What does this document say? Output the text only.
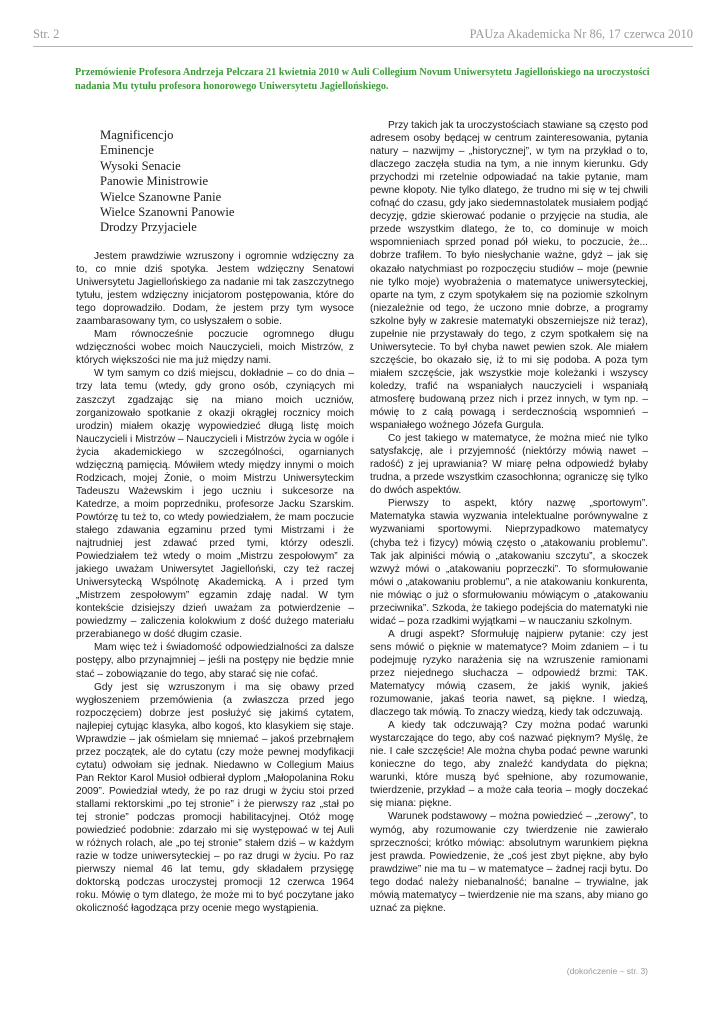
Str. 2	PAUza Akademicka Nr 86, 17 czerwca 2010
Przemówienie Profesora Andrzeja Pelczara 21 kwietnia 2010 w Auli Collegium Novum Uniwersytetu Jagiellońskiego na uroczystości nadania Mu tytułu profesora honorowego Uniwersytetu Jagiellońskiego.
Magnificencjo
Eminencje
Wysoki Senacie
Panowie Ministrowie
Wielce Szanowne Panie
Wielce Szanowni Panowie
Drodzy Przyjaciele

Jestem prawdziwie wzruszony i ogromnie wdzięczny za to, co mnie dziś spotyka. Jestem wdzięczny Senatowi Uniwersytetu Jagiellońskiego za nadanie mi tak zaszczytnego tytułu, jestem wdzięczny inicjatorom postępowania, które do tego doprowadziło. Dodam, że jestem przy tym wysoce zaambarasowany tym, co usłyszałem o sobie.

Mam równocześnie poczucie ogromnego długu wdzięczności wobec moich Nauczycieli, moich Mistrzów, z których większości nie ma już między nami.

W tym samym co dziś miejscu, dokładnie – co do dnia – trzy lata temu (wtedy, gdy grono osób, czyniących mi zaszczyt zgadzając się na miano moich uczniów, zorganizowało spotkanie z okazji okrągłej rocznicy moich urodzin) miałem okazję wypowiedzieć długą listę moich Nauczycieli i Mistrzów – Nauczycieli i Mistrzów życia w ogóle i życia akademickiego w szczególności, ogarnianych wdzięczną pamięcią. Mówiłem wtedy między innymi o moich Rodzicach, mojej Żonie, o moim Mistrzu Uniwersyteckim Tadeuszu Ważewskim i jego uczniu i sukcesorze na Katedrze, a moim poprzedniku, profesorze Jacku Szarskim. Powtórzę tu też to, co wtedy powiedziałem, że mam poczucie stałego zdawania egzaminu przed tymi Mistrzami i że najtrudniej jest zdawać przed tymi, którzy odeszli. Powiedziałem też wtedy o moim „Mistrzu zespołowym” za jakiego uważam Uniwersytet Jagielloński, czy też raczej Uniwersytecką Wspólnotę Akademicką. A i przed tym „Mistrzem zespołowym” egzamin zdaję nadal. W tym kontekście dzisiejszy dzień uważam za potwierdzenie – powiedzmy – zaliczenia kolokwium z dość dużego materiału przerabianego w dość długim czasie.

Mam więc też i świadomość odpowiedzialności za dalsze postępy, albo przynajmniej – jeśli na postępy nie będzie mnie stać – zobowiązanie do tego, aby starać się nie cofać.

Gdy jest się wzruszonym i ma się obawy przed wygłoszeniem przemówienia (a zwłaszcza przed jego rozpoczęciem) dobrze jest posłużyć się jakimś cytatem, najlepiej cytując klasyka, albo kogoś, kto klasykiem się staje. Wprawdzie – jak ośmielam się mniemać – jakoś przebrnąłem przez początek, ale do cytatu (czy może pewnej modyfikacji cytatu) odwołam się jednak. Niedawno w Collegium Maius Pan Rektor Karol Musioł odbierał dyplom „Małopolanina Roku 2009”. Powiedział wtedy, że po raz drugi w życiu stoi przed stallami rektorskimi „po tej stronie” i że pierwszy raz „stał po tej stronie” podczas promocji habilitacyjnej. Otóż mogę powiedzieć podobnie: zdarzało mi się występować w tej Auli w różnych rolach, ale „po tej stronie” stałem dziś – w każdym razie w todze uniwersyteckiej – po raz drugi w życiu. Po raz pierwszy niemal 46 lat temu, gdy składałem przysięgę doktorską podczas uroczystej promocji 12 czerwca 1964 roku. Mówię o tym dlatego, że może mi to być poczytane jako okoliczność łagodząca przy ocenie mego wystąpienia.

Przy takich jak ta uroczystościach stawiane są często pod adresem osoby będącej w centrum zainteresowania, pytania natury – nazwijmy – „historycznej”, w tym na przykład o to, dlaczego zaczęła studia na tym, a nie innym kierunku. Gdy przychodzi mi rzetelnie odpowiadać na takie pytanie, mam pewne kłopoty. Nie tylko dlatego, że trudno mi się w tej chwili cofnąć do czasu, gdy jako siedemnastolatek musiałem podjąć decyzję, gdzie skierować podanie o przyjęcie na studia, ale przede wszystkim dlatego, że to, co dominuje w moich wspomnieniach sprzed ponad pół wieku, to poczucie, że... dobrze trafiłem. To było niesłychanie ważne, gdyż – jak się okazało natychmiast po rozpoczęciu studiów – moje (pewnie nie tylko moje) wyobrażenia o matematyce uniwersyteckiej, oparte na tym, z czym spotykałem się na poziomie szkolnym (niezależnie od tego, że uczono mnie dobrze, a programy szkolne były w zakresie matematyki obszerniejsze niż teraz), zupełnie nie przystawały do tego, z czym spotkałem się na Uniwersytecie. To był chyba nawet pewien szok. Ale miałem szczęście, bo okazało się, iż to mi się podoba. A poza tym miałem szczęście, jak wszystkie moje koleżanki i wszyscy koledzy, trafić na wspaniałych nauczycieli i wspaniałą atmosferę budowaną przez nich i przez innych, w tym np. – mówię to z całą powagą i serdecznością wspomnień – wspaniałego woźnego Józefa Gurgula.

Co jest takiego w matematyce, że można mieć nie tylko satysfakcję, ale i przyjemność (niektórzy mówią nawet – radość) z jej uprawiania? W miarę pełna odpowiedź byłaby trudna, a przede wszystkim czasochłonna; ograniczę się tylko do dwóch aspektów.

Pierwszy to aspekt, który nazwę „sportowym”. Matematyka stawia wyzwania intelektualne porównywalne z wyzwaniami sportowymi. Nieprzypadkowo matematycy (chyba też i fizycy) mówią często o „atakowaniu problemu”. Tak jak alpiniści mówią o „atakowaniu szczytu”, a skoczek wzwyż mówi o „atakowaniu poprzeczki”. To sformułowanie mówi o „atakowaniu problemu”, a nie atakowaniu konkurenta, nie mówiąc o już o sformułowaniu mówiącym o „atakowaniu przeciwnika”. Szkoda, że takiego podejścia do matematyki nie widać – poza rzadkimi wyjątkami – w nauczaniu szkolnym.

A drugi aspekt? Sformułuję najpierw pytanie: czy jest sens mówić o pięknie w matematyce? Moim zdaniem – i tu podejmuję ryzyko narażenia się na wzruszenie ramionami przez niejednego słuchacza – odpowiedź brzmi: TAK. Matematycy mówią czasem, że jakiś wynik, jakieś rozumowanie, jakaś teoria nawet, są piękne. I wiedzą, dlaczego tak mówią. To znaczy wiedzą, kiedy tak odczuwają.

A kiedy tak odczuwają? Czy można podać warunki wystarczające do tego, aby coś nazwać pięknym? Myślę, że nie. I całe szczęście! Ale można chyba podać pewne warunki konieczne do tego, aby znaleźć kandydata do piękna; warunki, które muszą być spełnione, aby rozumowanie, twierdzenie, przykład – a może cała teoria – mogły doczekać się miana: piękne.

Warunek podstawowy – można powiedzieć – „zerowy”, to wymóg, aby rozumowanie czy twierdzenie nie zawierało sprzeczności; krótko mówiąc: absolutnym warunkiem piękna jest prawda. Powiedzenie, że „coś jest zbyt piękne, aby było prawdziwe” nie ma tu – w matematyce – żadnej racji bytu. Do tego dodać należy niebanalność; banalne – trywialne, jak mówią matematycy – twierdzenie nie ma szans, aby miano go uznać za piękne.

(dokończenie – str. 3)
